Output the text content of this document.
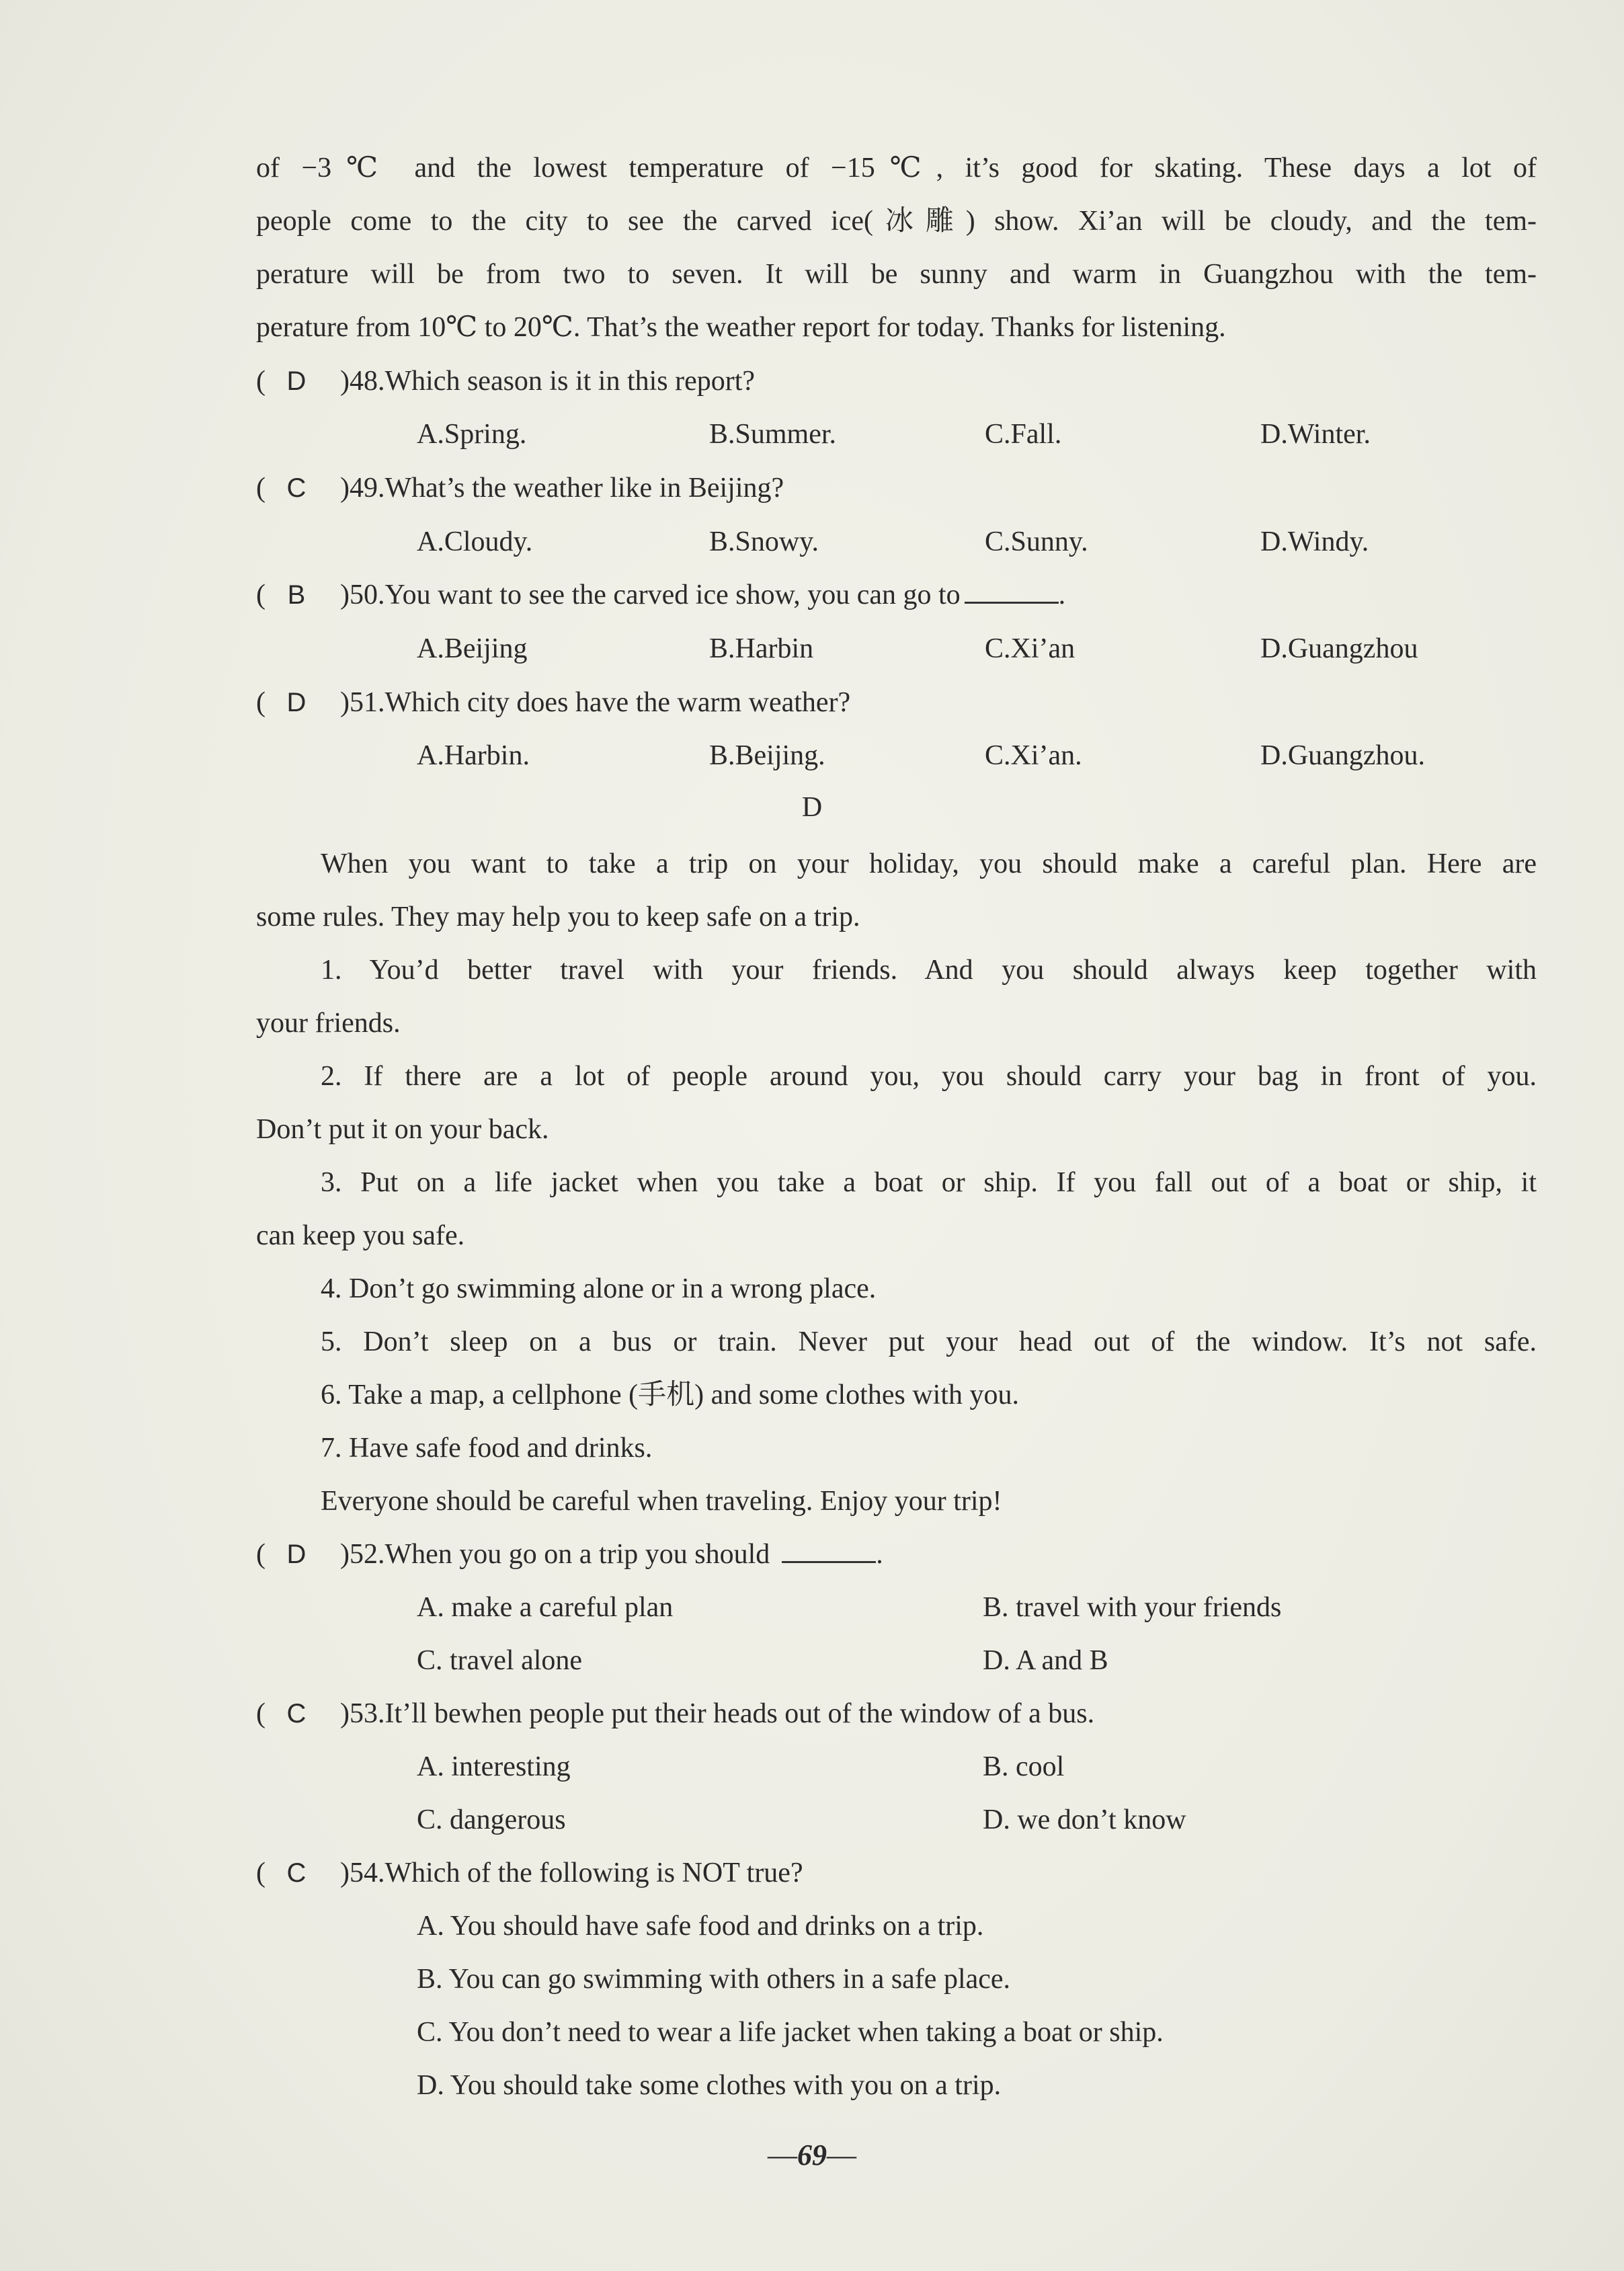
of −3℃ and the lowest temperature of −15℃, it’s good for skating. These days a lot of
people come to the city to see the carved ice(冰雕) show. Xi’an will be cloudy, and the tem-
perature will be from two to seven. It will be sunny and warm in Guangzhou with the tem-
perature from 10℃ to 20℃. That’s the weather report for today. Thanks for listening.
( D )48.Which season is it in this report?
A.Spring.	B.Summer.	C.Fall.	D.Winter.
( C )49.What’s the weather like in Beijing?
A.Cloudy.	B.Snowy.	C.Sunny.	D.Windy.
( B )50.You want to see the carved ice show, you can go to	.
A.Beijing	B.Harbin	C.Xi’an	D.Guangzhou
( D )51.Which city does have the warm weather?
A.Harbin.	B.Beijing.	C.Xi’an.	D.Guangzhou.
D
When you want to take a trip on your holiday, you should make a careful plan. Here are
some rules. They may help you to keep safe on a trip.
1. You’d better travel with your friends. And you should always keep together with
your friends.
2. If there are a lot of people around you, you should carry your bag in front of you.
Don’t put it on your back.
3. Put on a life jacket when you take a boat or ship. If you fall out of a boat or ship, it
can keep you safe.
4. Don’t go swimming alone or in a wrong place.
5. Don’t sleep on a bus or train. Never put your head out of the window. It’s not safe.
6. Take a map, a cellphone (手机) and some clothes with you.
7. Have safe food and drinks.
Everyone should be careful when traveling. Enjoy your trip!
( D )52.When you go on a trip you should	.
A. make a careful plan	B. travel with your friends
C. travel alone	D. A and B
( C )53.It’ll bewhen people put their heads out of the window of a bus.
A. interesting	B. cool
C. dangerous	D. we don’t know
( C )54.Which of the following is NOT true?
A. You should have safe food and drinks on a trip.
B. You can go swimming with others in a safe place.
C. You don’t need to wear a life jacket when taking a boat or ship.
D. You should take some clothes with you on a trip.
—69—
